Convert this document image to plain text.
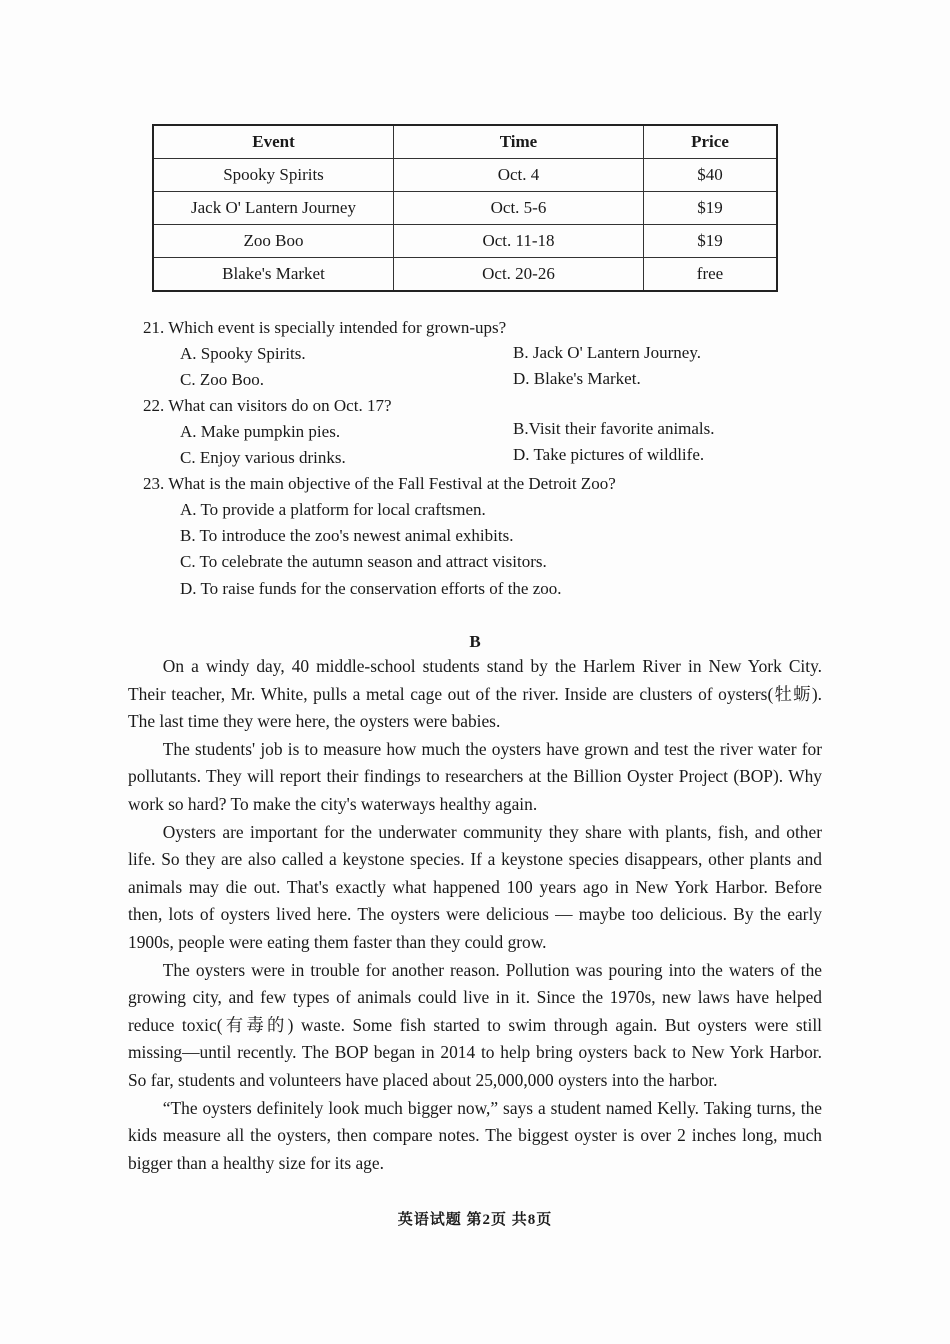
Event	Time	Price
Spooky Spirits	Oct. 4	$40
Jack O' Lantern Journey	Oct. 5-6	$19
Zoo Boo	Oct. 11-18	$19
Blake's Market	Oct. 20-26	free
21. Which event is specially intended for grown-ups?
A. Spooky Spirits.	B. Jack O' Lantern Journey.
C. Zoo Boo.	D. Blake's Market.
22. What can visitors do on Oct. 17?
A. Make pumpkin pies.	B.Visit their favorite animals.
C. Enjoy various drinks.	D. Take pictures of wildlife.
23. What is the main objective of the Fall Festival at the Detroit Zoo?
A. To provide a platform for local craftsmen.
B. To introduce the zoo's newest animal exhibits.
C. To celebrate the autumn season and attract visitors.
D. To raise funds for the conservation efforts of the zoo.
B

On a windy day, 40 middle-school students stand by the Harlem River in New York City. Their teacher, Mr. White, pulls a metal cage out of the river. Inside are clusters of oysters(牡蛎). The last time they were here, the oysters were babies.

The students' job is to measure how much the oysters have grown and test the river water for pollutants. They will report their findings to researchers at the Billion Oyster Project (BOP). Why work so hard? To make the city's waterways healthy again.

Oysters are important for the underwater community they share with plants, fish, and other life. So they are also called a keystone species. If a keystone species disappears, other plants and animals may die out. That's exactly what happened 100 years ago in New York Harbor. Before then, lots of oysters lived here. The oysters were delicious — maybe too delicious. By the early 1900s, people were eating them faster than they could grow.

The oysters were in trouble for another reason. Pollution was pouring into the waters of the growing city, and few types of animals could live in it. Since the 1970s, new laws have helped reduce toxic(有毒的) waste. Some fish started to swim through again. But oysters were still missing—until recently. The BOP began in 2014 to help bring oysters back to New York Harbor. So far, students and volunteers have placed about 25,000,000 oysters into the harbor.

“The oysters definitely look much bigger now,” says a student named Kelly. Taking turns, the kids measure all the oysters, then compare notes. The biggest oyster is over 2 inches long, much bigger than a healthy size for its age.

英语试题 第2页 共8页
